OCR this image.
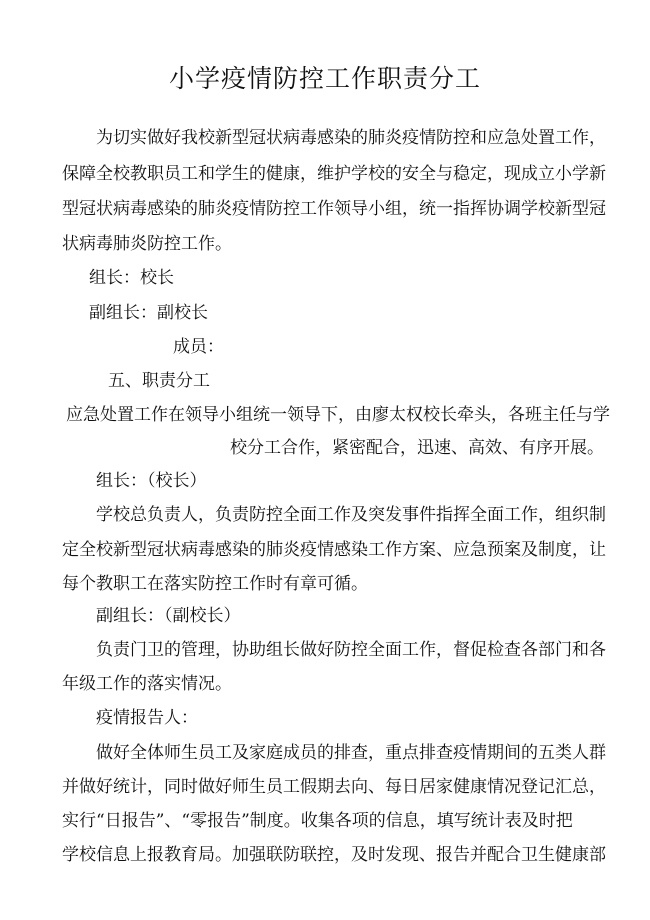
小学疫情防控工作职责分工
为切实做好我校新型冠状病毒感染的肺炎疫情防控和应急处置工作，
保障全校教职员工和学生的健康，维护学校的安全与稳定，现成立小学新
型冠状病毒感染的肺炎疫情防控工作领导小组，统一指挥协调学校新型冠
状病毒肺炎防控工作。
组长：校长
副组长：副校长
成员：
五、职责分工
应急处置工作在领导小组统一领导下，由廖太权校长牵头，各班主任与学
校分工合作，紧密配合，迅速、高效、有序开展。
组长：（校长）
学校总负责人，负责防控全面工作及突发事件指挥全面工作，组织制
定全校新型冠状病毒感染的肺炎疫情感染工作方案、应急预案及制度，让
每个教职工在落实防控工作时有章可循。
副组长：（副校长）
负责门卫的管理，协助组长做好防控全面工作，督促检查各部门和各
年级工作的落实情况。
疫情报告人：
做好全体师生员工及家庭成员的排查，重点排查疫情期间的五类人群
并做好统计，同时做好师生员工假期去向、每日居家健康情况登记汇总，
实行“日报告”、“零报告”制度。收集各项的信息，填写统计表及时把
学校信息上报教育局。加强联防联控，及时发现、报告并配合卫生健康部
